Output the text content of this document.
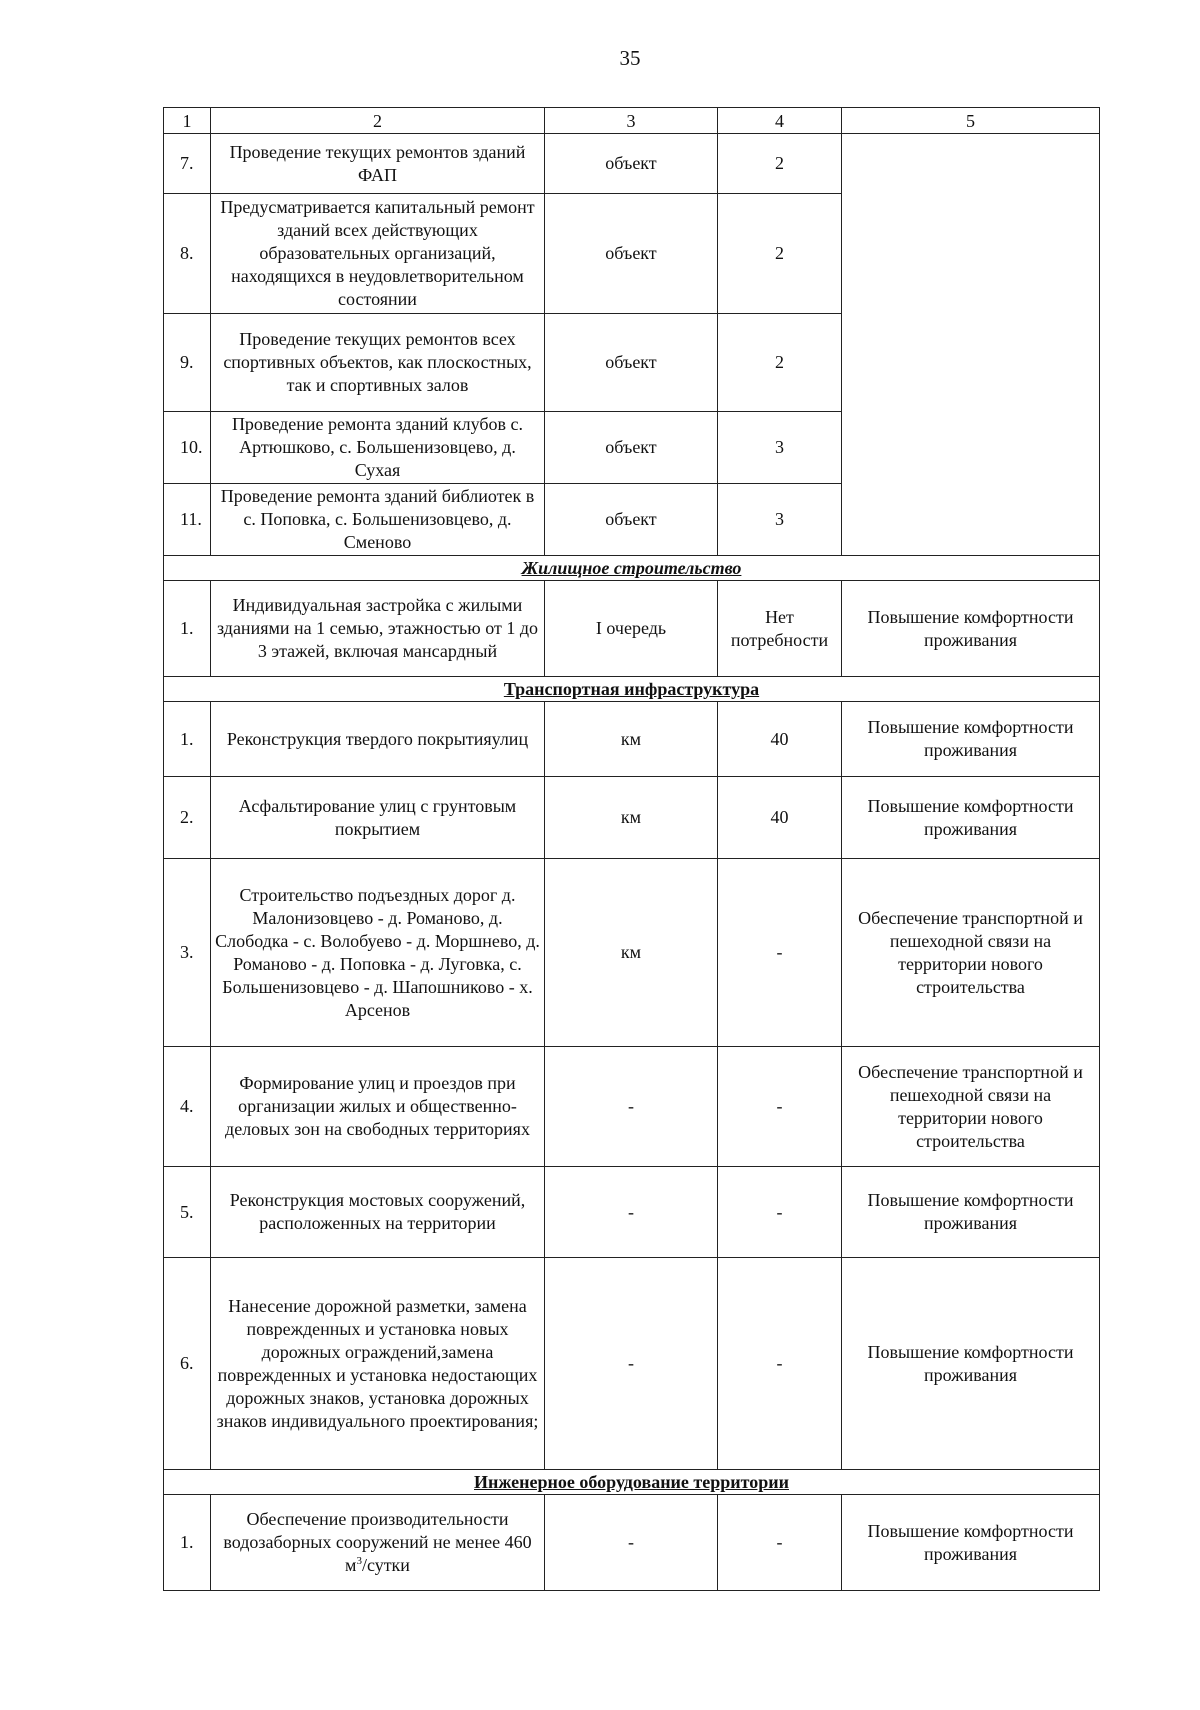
35
1	2	3	4	5
7.	Проведение текущих ремонтов зданий ФАП	объект	2	
8.	Предусматривается капитальный ремонт зданий всех действующих образовательных организаций, находящихся в неудовлетворительном состоянии	объект	2	
9.	Проведение текущих ремонтов всех спортивных объектов, как плоскостных, так и спортивных залов	объект	2	
10.	Проведение ремонта зданий клубов с. Артюшково, с. Большенизовцево, д. Сухая	объект	3	
11.	Проведение ремонта зданий библиотек в с. Поповка, с. Большенизовцево, д. Сменово	объект	3	
Жилищное строительство				
1.	Индивидуальная застройка с жилыми зданиями на 1 семью, этажностью от 1 до 3 этажей, включая мансардный	I очередь	Нет потребности	Повышение комфортности проживания
Транспортная инфраструктура				
1.	Реконструкция твердого покрытияулиц	км	40	Повышение комфортности проживания
2.	Асфальтирование улиц с грунтовым покрытием	км	40	Повышение комфортности проживания
3.	Строительство подъездных дорог д. Малонизовцево - д. Романово, д. Слободка - с. Волобуево - д. Моршнево, д. Романово - д. Поповка - д. Луговка, с. Большенизовцево - д. Шапошниково - х. Арсенов	км	-	Обеспечение транспортной и пешеходной связи на территории нового строительства
4.	Формирование улиц и проездов при организации жилых и общественно-деловых зон на свободных территориях	-	-	Обеспечение транспортной и пешеходной связи на территории нового строительства
5.	Реконструкция мостовых сооружений, расположенных на территории	-	-	Повышение комфортности проживания
6.	Нанесение дорожной разметки, замена поврежденных и установка новых дорожных ограждений,замена поврежденных и установка недостающих дорожных знаков, установка дорожных знаков индивидуального проектирования;	-	-	Повышение комфортности проживания
Инженерное оборудование территории				
1.	Обеспечение производительности водозаборных сооружений не менее 460 $м^3$/сутки	-	-	Повышение комфортности проживания
